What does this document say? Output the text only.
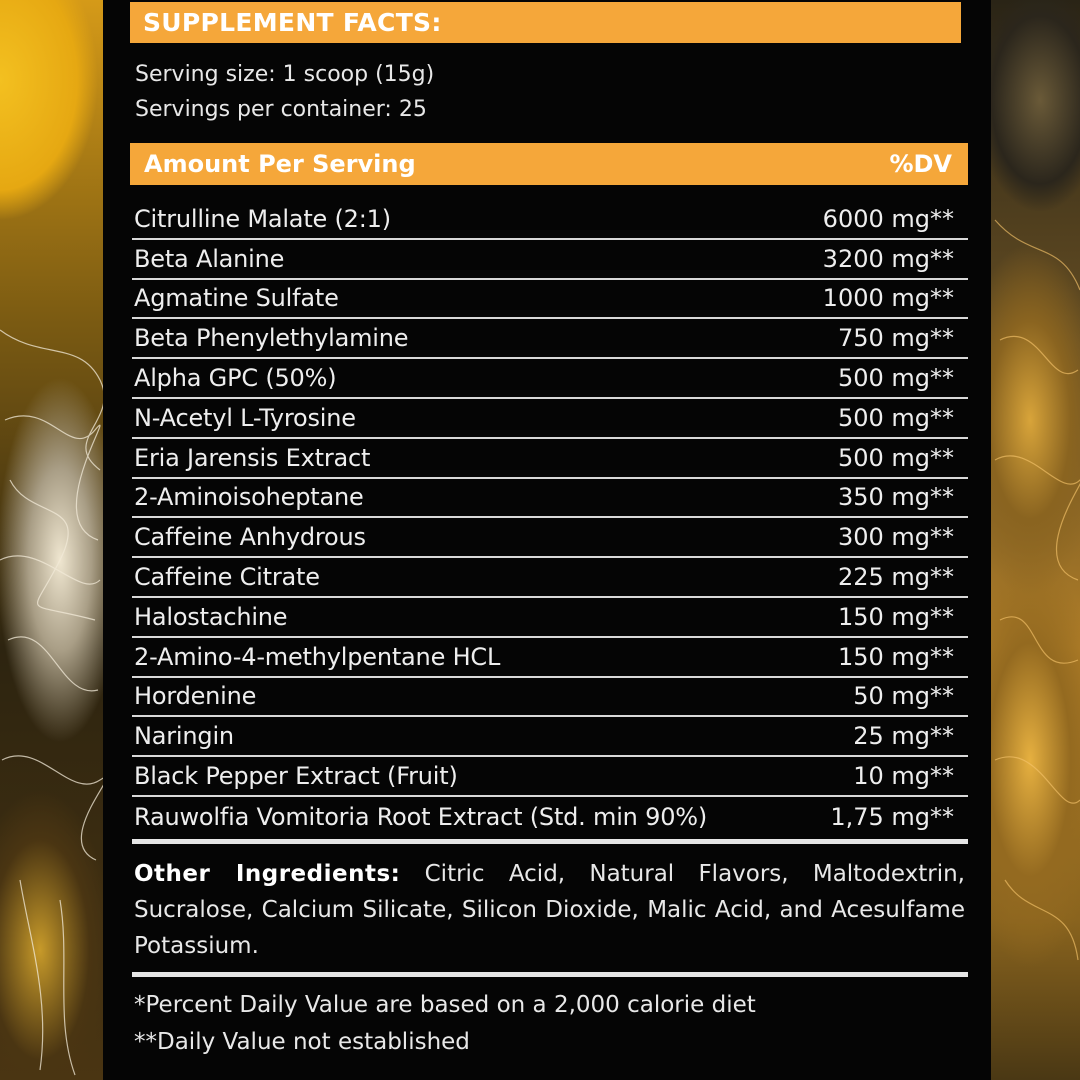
SUPPLEMENT FACTS:
Serving size: 1 scoop (15g)
Servings per container: 25
Amount Per Serving	%DV
Citrulline Malate (2:1)	6000 mg**
Beta Alanine	3200 mg**
Agmatine Sulfate	1000 mg**
Beta Phenylethylamine	750 mg**
Alpha GPC (50%)	500 mg**
N-Acetyl L-Tyrosine	500 mg**
Eria Jarensis Extract	500 mg**
2-Aminoisoheptane	350 mg**
Caffeine Anhydrous	300 mg**
Caffeine Citrate	225 mg**
Halostachine	150 mg**
2-Amino-4-methylpentane HCL	150 mg**
Hordenine	50 mg**
Naringin	25 mg**
Black Pepper Extract (Fruit)	10 mg**
Rauwolfia Vomitoria Root Extract (Std. min 90%)	1,75 mg**
Other Ingredients: Citric Acid, Natural Flavors, Maltodextrin, Sucralose, Calcium Silicate, Silicon Dioxide, Malic Acid, and Acesulfame Potassium.
*Percent Daily Value are based on a 2,000 calorie diet
**Daily Value not established
